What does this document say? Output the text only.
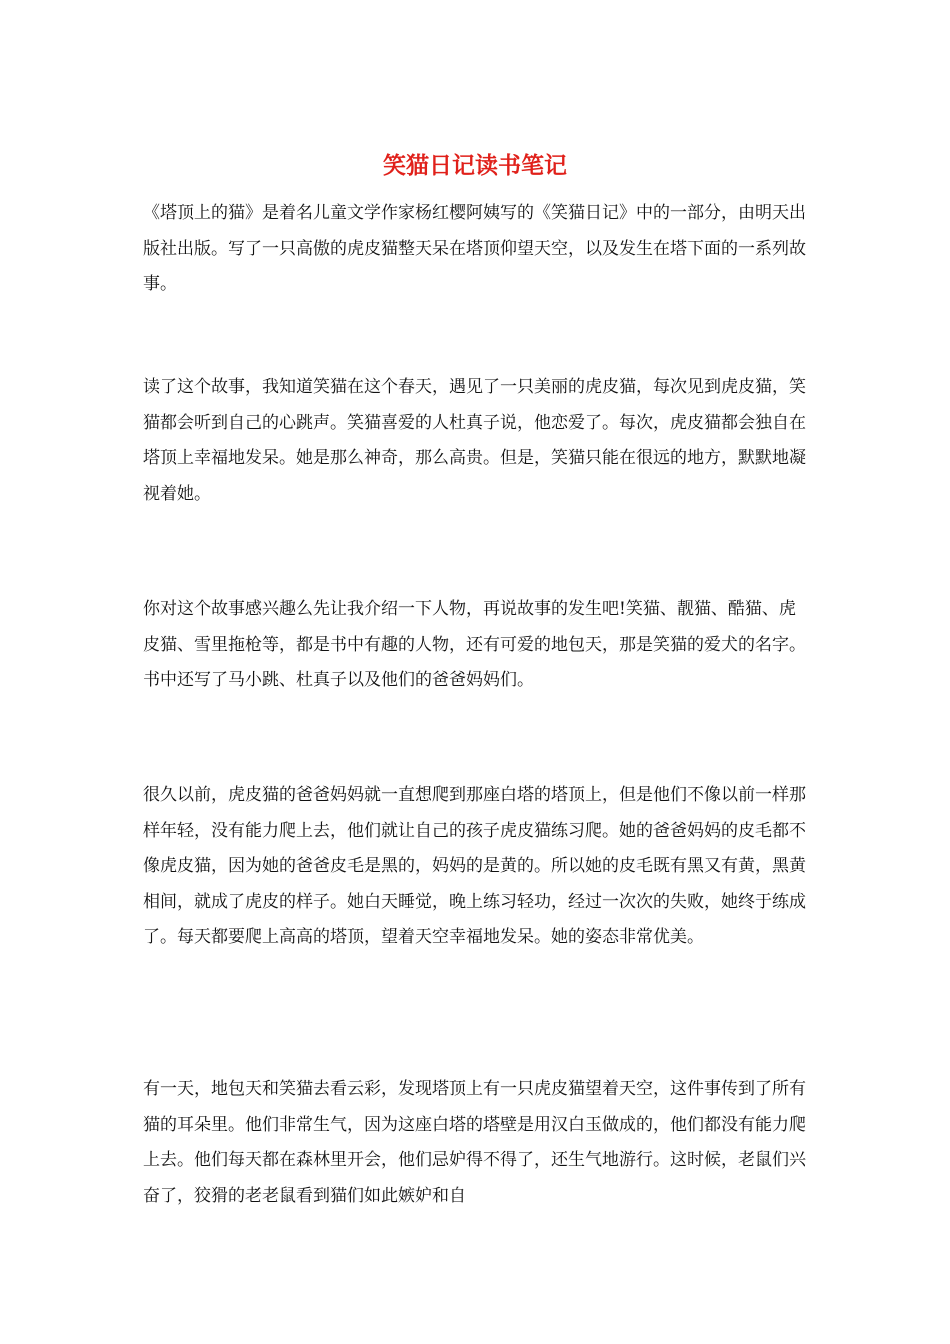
笑猫日记读书笔记

《塔顶上的猫》是着名儿童文学作家杨红樱阿姨写的《笑猫日记》中的一部分，由明天出版社出版。写了一只高傲的虎皮猫整天呆在塔顶仰望天空，以及发生在塔下面的一系列故事。

读了这个故事，我知道笑猫在这个春天，遇见了一只美丽的虎皮猫，每次见到虎皮猫，笑猫都会听到自己的心跳声。笑猫喜爱的人杜真子说，他恋爱了。每次，虎皮猫都会独自在塔顶上幸福地发呆。她是那么神奇，那么高贵。但是，笑猫只能在很远的地方，默默地凝视着她。

你对这个故事感兴趣么先让我介绍一下人物，再说故事的发生吧!笑猫、靓猫、酷猫、虎皮猫、雪里拖枪等，都是书中有趣的人物，还有可爱的地包天，那是笑猫的爱犬的名字。书中还写了马小跳、杜真子以及他们的爸爸妈妈们。

很久以前，虎皮猫的爸爸妈妈就一直想爬到那座白塔的塔顶上，但是他们不像以前一样那样年轻，没有能力爬上去，他们就让自己的孩子虎皮猫练习爬。她的爸爸妈妈的皮毛都不像虎皮猫，因为她的爸爸皮毛是黑的，妈妈的是黄的。所以她的皮毛既有黑又有黄，黑黄相间，就成了虎皮的样子。她白天睡觉，晚上练习轻功，经过一次次的失败，她终于练成了。每天都要爬上高高的塔顶，望着天空幸福地发呆。她的姿态非常优美。

有一天，地包天和笑猫去看云彩，发现塔顶上有一只虎皮猫望着天空，这件事传到了所有猫的耳朵里。他们非常生气，因为这座白塔的塔壁是用汉白玉做成的，他们都没有能力爬上去。他们每天都在森林里开会，他们忌妒得不得了，还生气地游行。这时候，老鼠们兴奋了，狡猾的老老鼠看到猫们如此嫉妒和自
